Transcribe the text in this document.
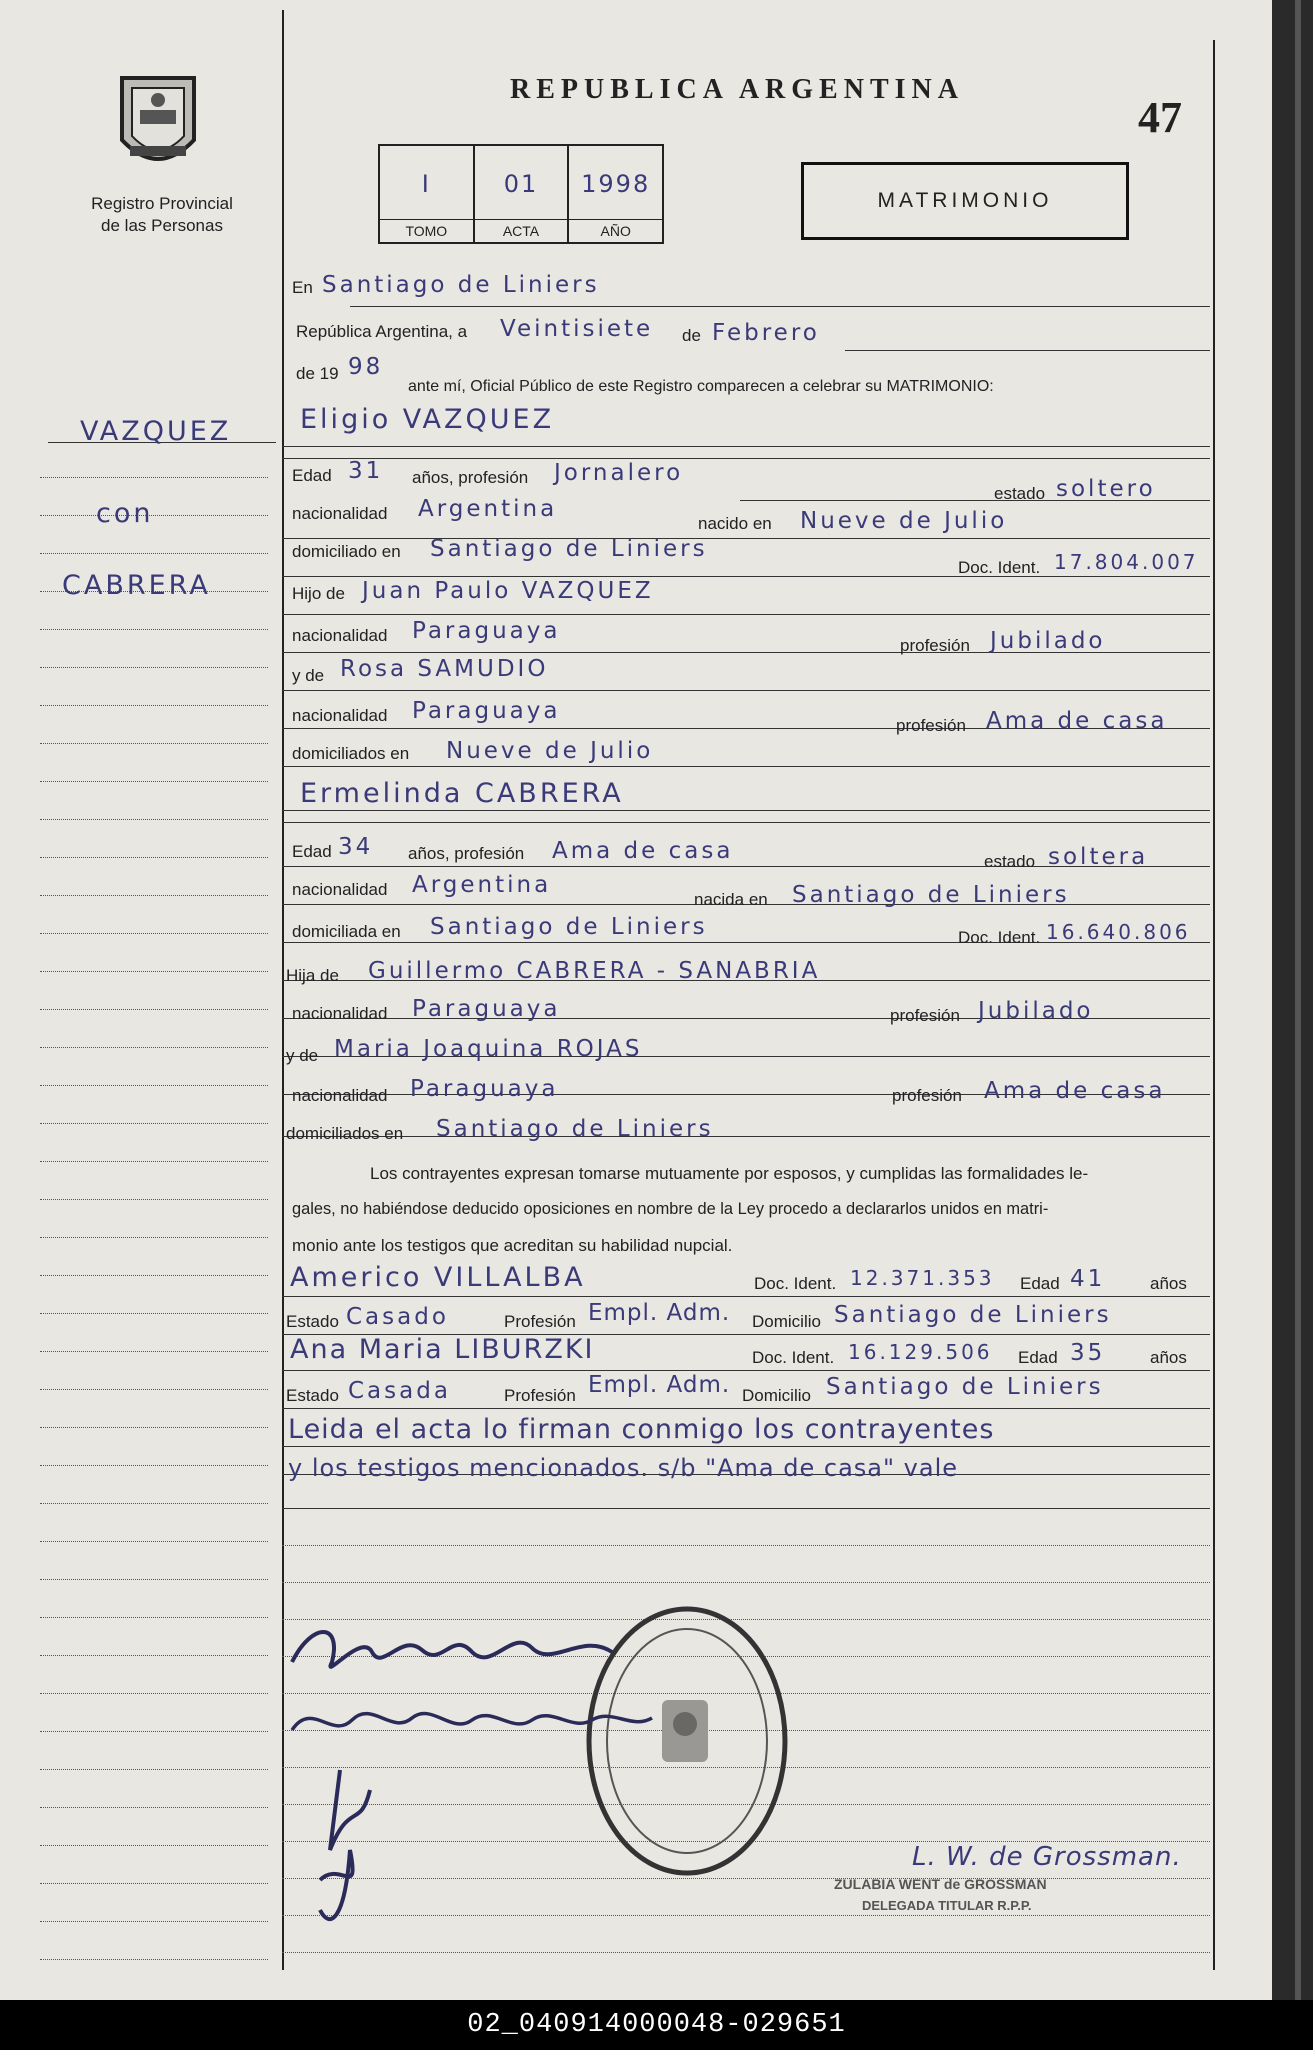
Registro Provincial
de las Personas
REPUBLICA ARGENTINA
47
I
TOMO
01
ACTA
1998
AÑO
MATRIMONIO
VAZQUEZ
con
CABRERA
En Santiago de Liniers
República Argentina, a Veintisiete de Febrero
de 19 98
ante mí, Oficial Público de este Registro comparecen a celebrar su MATRIMONIO:
Eligio VAZQUEZ
Edad 31 años, profesión Jornalero
estado soltero
nacionalidad Argentina
nacido en Nueve de Julio
domiciliado en Santiago de Liniers
Doc. Ident. 17.804.007
Hijo de Juan Paulo VAZQUEZ
nacionalidad Paraguaya
profesión Jubilado
y de Rosa SAMUDIO
nacionalidad Paraguaya
profesión Ama de casa
domiciliados en Nueve de Julio
Ermelinda CABRERA
Edad 34 años, profesión Ama de casa	estado soltera
nacionalidad Argentina
nacida en Santiago de Liniers
domiciliada en Santiago de Liniers	Doc. Ident. 16.640.806
Hija de Guillermo CABRERA - SANABRIA
nacionalidad Paraguaya	profesión Jubilado
y de Maria Joaquina ROJAS
nacionalidad Paraguaya	profesión Ama de casa
domiciliados en Santiago de Liniers
Los contrayentes expresan tomarse mutuamente por esposos, y cumplidas las formalidades le-
gales, no habiéndose deducido oposiciones en nombre de la Ley procedo a declararlos unidos en matri-
monio ante los testigos que acreditan su habilidad nupcial.
Americo VILLALBA	Doc. Ident. 12.371.353 Edad 41	años
Estado Casado	Profesión Empl. Adm. Domicilio Santiago de Liniers
Ana Maria LIBURZKI	Doc. Ident. 16.129.506 Edad 35	años
Estado Casada	Profesión Empl. Adm. Domicilio Santiago de Liniers
Leida el acta lo firman conmigo los contrayentes
y los testigos mencionados. s/b "Ama de casa" vale
L. W. de Grossman.
ZULABIA WENT de GROSSMAN
DELEGADA TITULAR R.P.P.
02_040914000048-029651
